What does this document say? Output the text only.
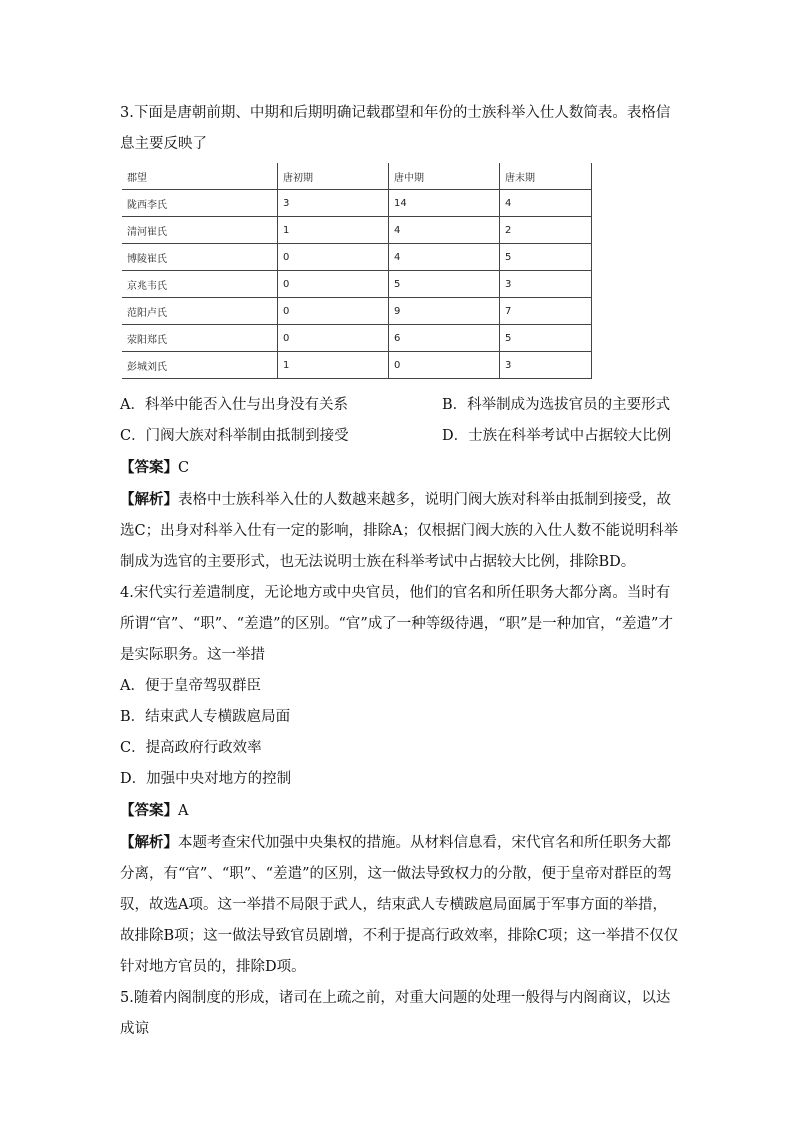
3.下面是唐朝前期、中期和后期明确记载郡望和年份的士族科举入仕人数简表。表格信息主要反映了
郡望	唐初期	唐中期	唐末期
陇西李氏	3	14	4
清河崔氏	1	4	2
博陵崔氏	0	4	5
京兆韦氏	0	5	3
范阳卢氏	0	9	7
荥阳郑氏	0	6	5
彭城刘氏	1	0	3
A．科举中能否入仕与出身没有关系	B．科举制成为选拔官员的主要形式
C．门阀大族对科举制由抵制到接受	D．士族在科举考试中占据较大比例
【答案】C
【解析】表格中士族科举入仕的人数越来越多，说明门阀大族对科举由抵制到接受，故选C；出身对科举入仕有一定的影响，排除A；仅根据门阀大族的入仕人数不能说明科举制成为选官的主要形式，也无法说明士族在科举考试中占据较大比例，排除BD。
4.宋代实行差遣制度，无论地方或中央官员，他们的官名和所任职务大都分离。当时有所谓“官”、“职”、“差遣”的区别。“官”成了一种等级待遇，“职”是一种加官，“差遣”才是实际职务。这一举措
A．便于皇帝驾驭群臣
B．结束武人专横跋扈局面
C．提高政府行政效率
D．加强中央对地方的控制
【答案】A
【解析】本题考查宋代加强中央集权的措施。从材料信息看，宋代官名和所任职务大都分离，有“官”、“职”、“差遣”的区别，这一做法导致权力的分散，便于皇帝对群臣的驾驭，故选A项。这一举措不局限于武人，结束武人专横跋扈局面属于军事方面的举措，故排除B项；这一做法导致官员剧增，不利于提高行政效率，排除C项；这一举措不仅仅针对地方官员的，排除D项。
5.随着内阁制度的形成，诸司在上疏之前，对重大问题的处理一般得与内阁商议，以达成谅
